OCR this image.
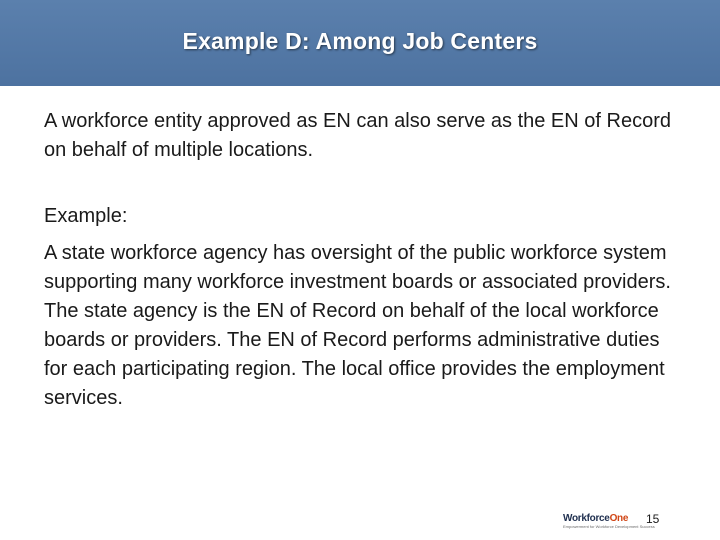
Example D: Among Job Centers
A workforce entity approved as EN can also serve as the EN of Record on behalf of multiple locations.
Example:
A state workforce agency has oversight of the public workforce system supporting many workforce investment boards or associated providers. The state agency is the EN of Record on behalf of the local workforce boards or providers. The EN of Record performs administrative duties for each participating region. The local office provides the employment services.
WorkforceOne
Empowerment for Workforce Development Success
15
